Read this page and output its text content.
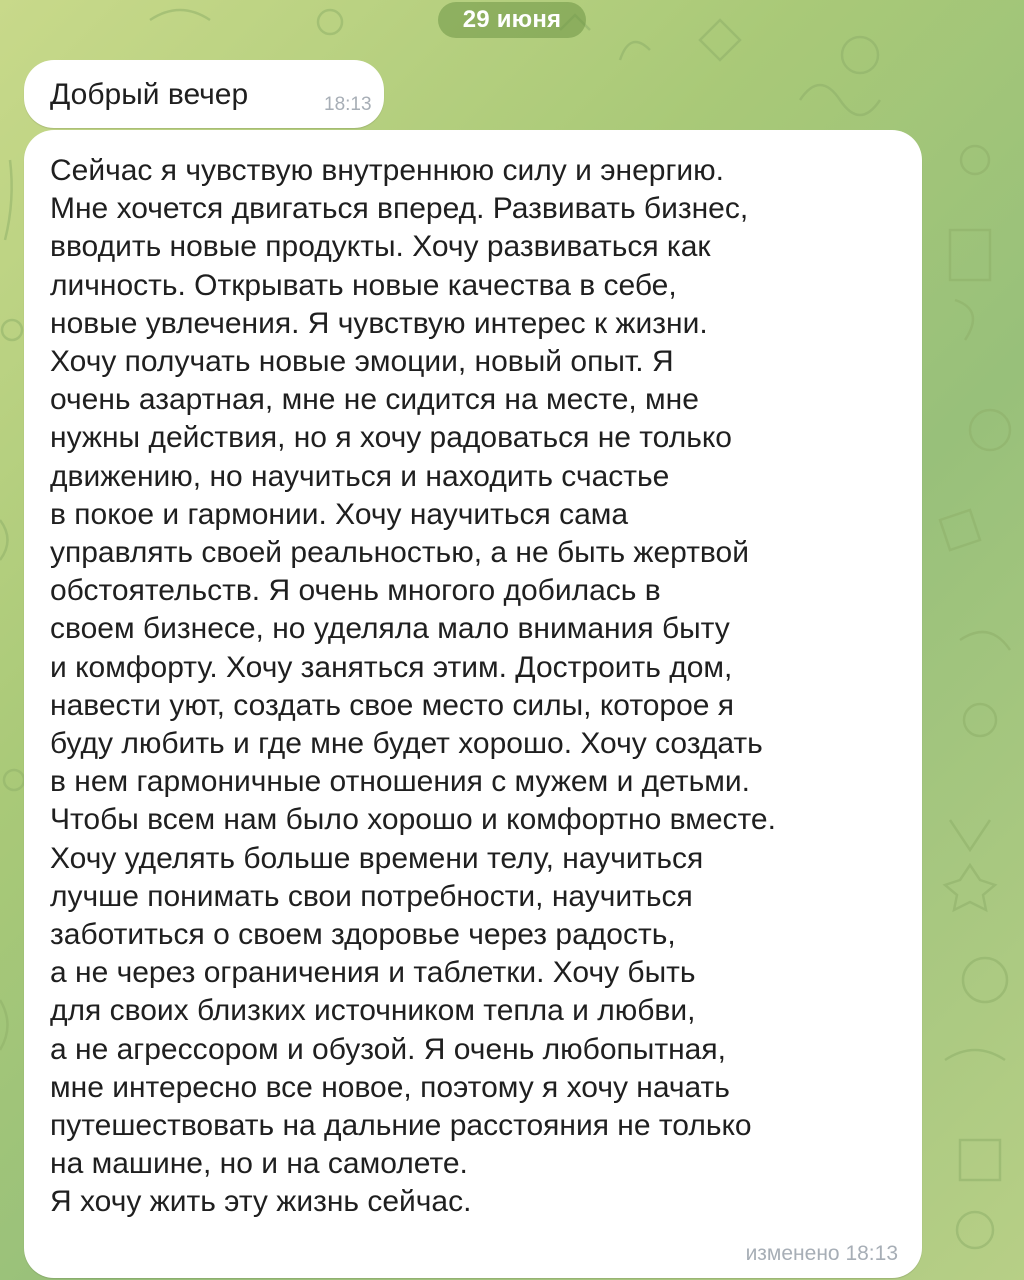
29 июня
Добрый вечер	18:13
Сейчас я чувствую внутреннюю силу и энергию.
Мне хочется двигаться вперед. Развивать бизнес,
вводить новые продукты. Хочу развиваться как
личность. Открывать новые качества в себе,
новые увлечения. Я чувствую интерес к жизни.
Хочу получать новые эмоции, новый опыт. Я
очень азартная, мне не сидится на месте, мне
нужны действия, но я хочу радоваться не только
движению, но научиться и находить счастье
в покое и гармонии. Хочу научиться сама
управлять своей реальностью, а не быть жертвой
обстоятельств. Я очень многого добилась в
своем бизнесе, но уделяла мало внимания быту
и комфорту. Хочу заняться этим. Достроить дом,
навести уют, создать свое место силы, которое я
буду любить и где мне будет хорошо. Хочу создать
в нем гармоничные отношения с мужем и детьми.
Чтобы всем нам было хорошо и комфортно вместе.
Хочу уделять больше времени телу, научиться
лучше понимать свои потребности, научиться
заботиться о своем здоровье через радость,
а не через ограничения и таблетки. Хочу быть
для своих близких источником тепла и любви,
а не агрессором и обузой. Я очень любопытная,
мне интересно все новое, поэтому я хочу начать
путешествовать на дальние расстояния не только
на машине, но и на самолете.
Я хочу жить эту жизнь сейчас.
изменено 18:13
